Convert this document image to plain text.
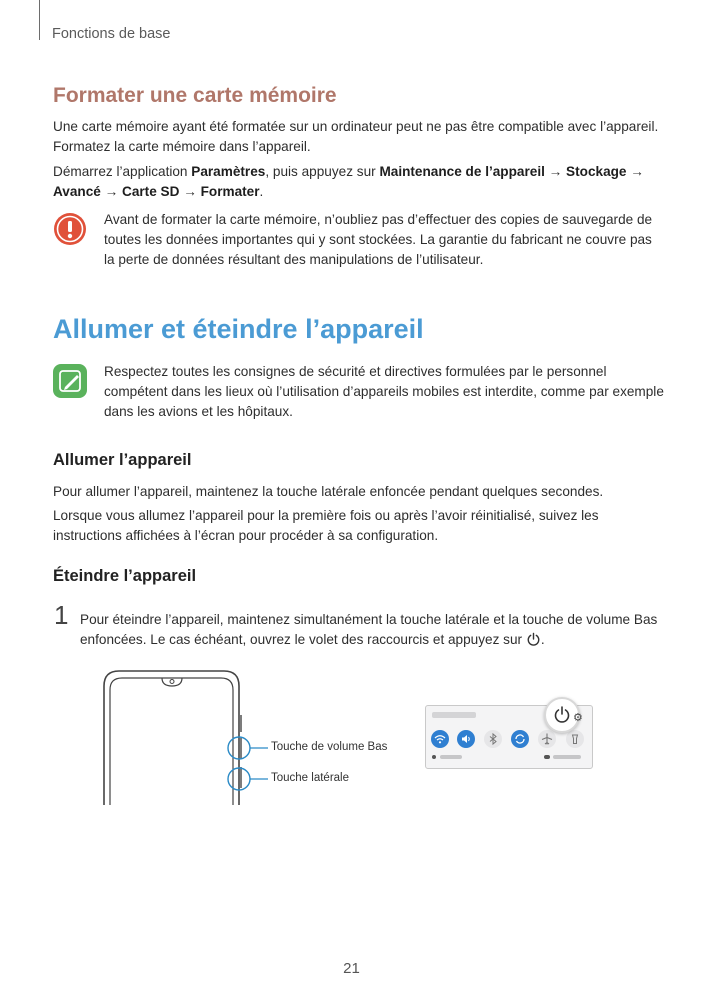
Fonctions de base
Formater une carte mémoire
Une carte mémoire ayant été formatée sur un ordinateur peut ne pas être compatible avec l’appareil. Formatez la carte mémoire dans l’appareil.
Démarrez l’application Paramètres, puis appuyez sur Maintenance de l’appareil → Stockage → Avancé → Carte SD → Formater.
Avant de formater la carte mémoire, n’oubliez pas d’effectuer des copies de sauvegarde de toutes les données importantes qui y sont stockées. La garantie du fabricant ne couvre pas la perte de données résultant des manipulations de l’utilisateur.
Allumer et éteindre l’appareil
Respectez toutes les consignes de sécurité et directives formulées par le personnel compétent dans les lieux où l’utilisation d’appareils mobiles est interdite, comme par exemple dans les avions et les hôpitaux.
Allumer l’appareil
Pour allumer l’appareil, maintenez la touche latérale enfoncée pendant quelques secondes.
Lorsque vous allumez l’appareil pour la première fois ou après l’avoir réinitialisé, suivez les instructions affichées à l’écran pour procéder à sa configuration.
Éteindre l’appareil
1 Pour éteindre l’appareil, maintenez simultanément la touche latérale et la touche de volume Bas enfoncées. Le cas échéant, ouvrez le volet des raccourcis et appuyez sur .
Touche de volume Bas
Touche latérale
⚙
21
